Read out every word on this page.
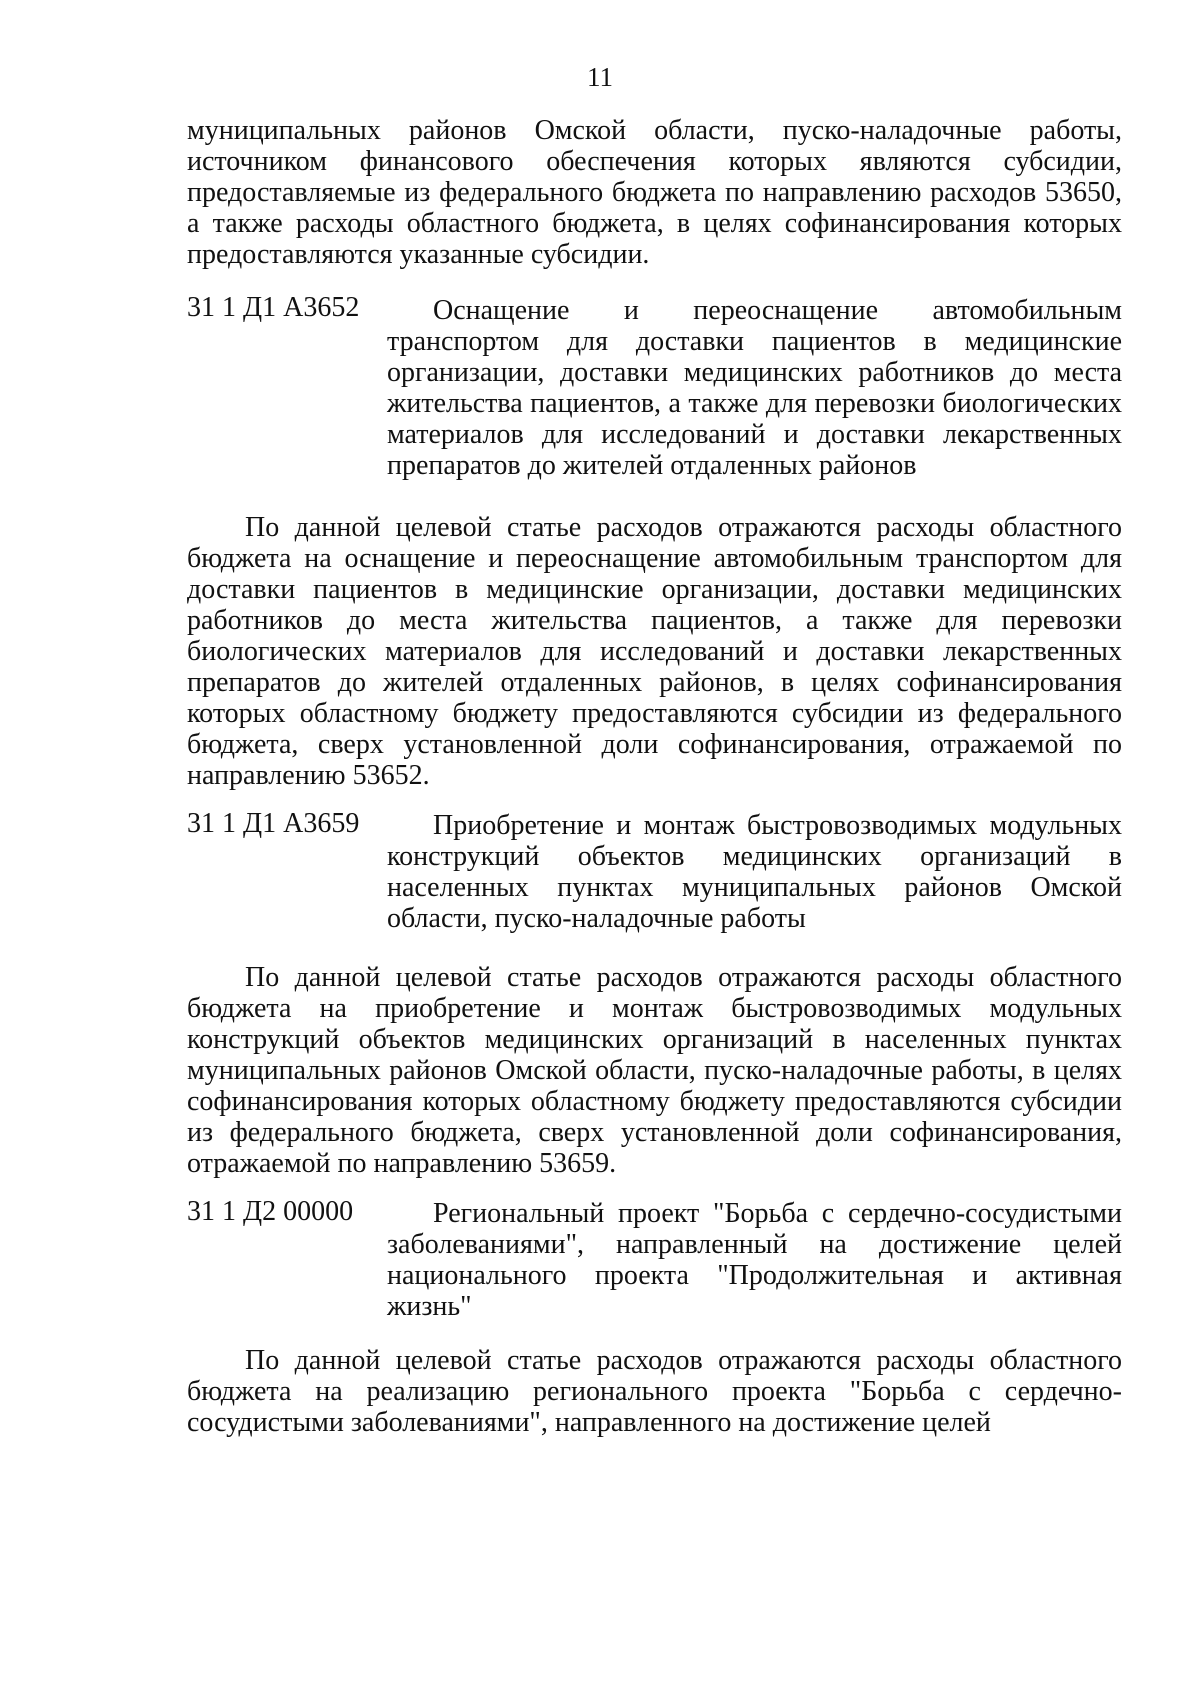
11

муниципальных районов Омской области, пуско-наладочные работы, источником финансового обеспечения которых являются субсидии, предоставляемые из федерального бюджета по направлению расходов 53650, а также расходы областного бюджета, в целях софинансирования которых предоставляются указанные субсидии.

31 1 Д1 А3652	Оснащение и переоснащение автомобильным транспортом для доставки пациентов в медицинские организации, доставки медицинских работников до места жительства пациентов, а также для перевозки биологических материалов для исследований и доставки лекарственных препаратов до жителей отдаленных районов

По данной целевой статье расходов отражаются расходы областного бюджета на оснащение и переоснащение автомобильным транспортом для доставки пациентов в медицинские организации, доставки медицинских работников до места жительства пациентов, а также для перевозки биологических материалов для исследований и доставки лекарственных препаратов до жителей отдаленных районов, в целях софинансирования которых областному бюджету предоставляются субсидии из федерального бюджета, сверх установленной доли софинансирования, отражаемой по направлению 53652.

31 1 Д1 А3659	Приобретение и монтаж быстровозводимых модульных конструкций объектов медицинских организаций в населенных пунктах муниципальных районов Омской области, пуско-наладочные работы

По данной целевой статье расходов отражаются расходы областного бюджета на приобретение и монтаж быстровозводимых модульных конструкций объектов медицинских организаций в населенных пунктах муниципальных районов Омской области, пуско-наладочные работы, в целях софинансирования которых областному бюджету предоставляются субсидии из федерального бюджета, сверх установленной доли софинансирования, отражаемой по направлению 53659.

31 1 Д2 00000	Региональный проект "Борьба с сердечно-сосудистыми заболеваниями", направленный на достижение целей национального проекта "Продолжительная и активная жизнь"

По данной целевой статье расходов отражаются расходы областного бюджета на реализацию регионального проекта "Борьба с сердечно-сосудистыми заболеваниями", направленного на достижение целей
